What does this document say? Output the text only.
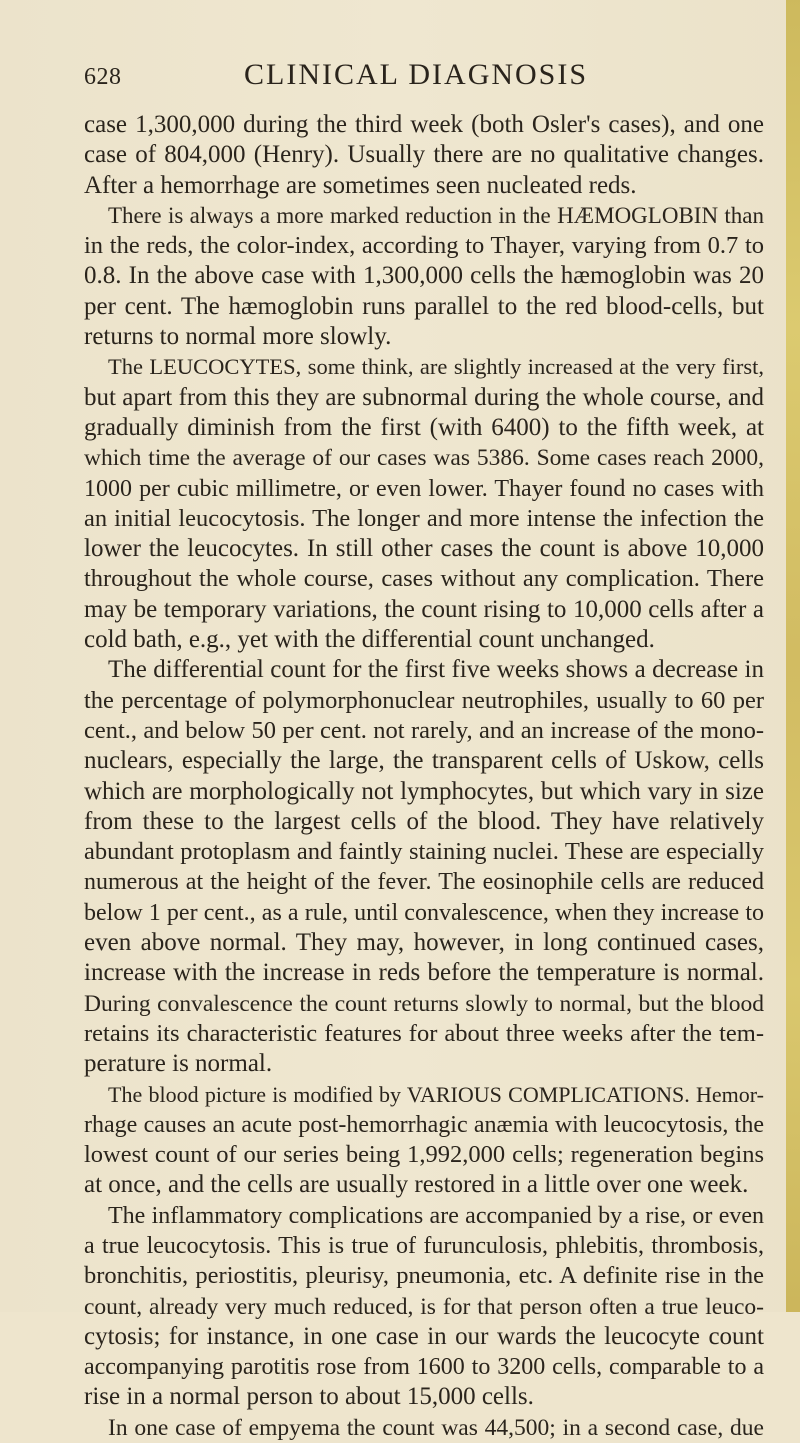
628	CLINICAL DIAGNOSIS
case 1,300,000 during the third week (both Osler's cases), and one
case of 804,000 (Henry). Usually there are no qualitative changes.
After a hemorrhage are sometimes seen nucleated reds.
There is always a more marked reduction in the HÆMOGLOBIN than
in the reds, the color-index, according to Thayer, varying from 0.7 to
0.8. In the above case with 1,300,000 cells the hæmoglobin was 20
per cent. The hæmoglobin runs parallel to the red blood-cells, but
returns to normal more slowly.
The LEUCOCYTES, some think, are slightly increased at the very first,
but apart from this they are subnormal during the whole course, and
gradually diminish from the first (with 6400) to the fifth week, at
which time the average of our cases was 5386. Some cases reach 2000,
1000 per cubic millimetre, or even lower. Thayer found no cases with
an initial leucocytosis. The longer and more intense the infection the
lower the leucocytes. In still other cases the count is above 10,000
throughout the whole course, cases without any complication. There
may be temporary variations, the count rising to 10,000 cells after a
cold bath, e.g., yet with the differential count unchanged.
The differential count for the first five weeks shows a decrease in
the percentage of polymorphonuclear neutrophiles, usually to 60 per
cent., and below 50 per cent. not rarely, and an increase of the mono-
nuclears, especially the large, the transparent cells of Uskow, cells
which are morphologically not lymphocytes, but which vary in size
from these to the largest cells of the blood. They have relatively
abundant protoplasm and faintly staining nuclei. These are especially
numerous at the height of the fever. The eosinophile cells are reduced
below 1 per cent., as a rule, until convalescence, when they increase to
even above normal. They may, however, in long continued cases,
increase with the increase in reds before the temperature is normal.
During convalescence the count returns slowly to normal, but the blood
retains its characteristic features for about three weeks after the tem-
perature is normal.
The blood picture is modified by VARIOUS COMPLICATIONS. Hemor-
rhage causes an acute post-hemorrhagic anæmia with leucocytosis, the
lowest count of our series being 1,992,000 cells; regeneration begins
at once, and the cells are usually restored in a little over one week.
The inflammatory complications are accompanied by a rise, or even
a true leucocytosis. This is true of furunculosis, phlebitis, thrombosis,
bronchitis, periostitis, pleurisy, pneumonia, etc. A definite rise in the
count, already very much reduced, is for that person often a true leuco-
cytosis; for instance, in one case in our wards the leucocyte count
accompanying parotitis rose from 1600 to 3200 cells, comparable to a
rise in a normal person to about 15,000 cells.
In one case of empyema the count was 44,500; in a second case, due
